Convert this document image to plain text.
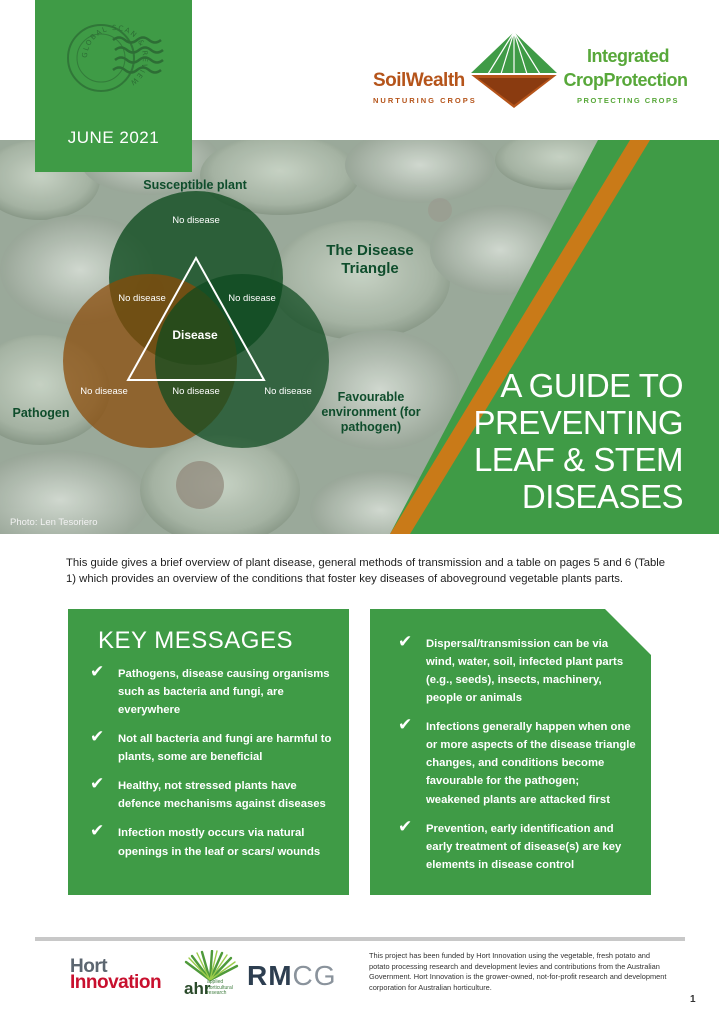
GLOBAL SCAN & REVIEW
JUNE 2021
SoilWealth
NURTURING CROPS
Integrated
CropProtection
PROTECTING CROPS
Susceptible plant
The Disease Triangle
Pathogen
Favourable environment (for pathogen)
No disease
No disease	No disease
No disease	No disease	No disease
Disease
A GUIDE TO
PREVENTING
LEAF & STEM
DISEASES
Photo: Len Tesoriero

This guide gives a brief overview of plant disease, general methods of transmission and a table on pages 5 and 6 (Table 1) which provides an overview of the conditions that foster key diseases of aboveground vegetable plants parts.

KEY MESSAGES
✔ Pathogens, disease causing organisms such as bacteria and fungi, are everywhere
✔ Not all bacteria and fungi are harmful to plants, some are beneficial
✔ Healthy, not stressed plants have defence mechanisms against diseases
✔ Infection mostly occurs via natural openings in the leaf or scars/ wounds
✔ Dispersal/transmission can be via wind, water, soil, infected plant parts (e.g., seeds), insects, machinery, people or animals
✔ Infections generally happen when one or more aspects of the disease triangle changes, and conditions become favourable for the pathogen; weakened plants are attacked first
✔ Prevention, early identification and early treatment of disease(s) are key elements in disease control
Hort
Innovation ahr
applied horticultural research
RMCG

This project has been funded by Hort Innovation using the vegetable, fresh potato and potato processing research and development levies and contributions from the Australian Government. Hort Innovation is the grower-owned, not-for-profit research and development corporation for Australian horticulture.

1
